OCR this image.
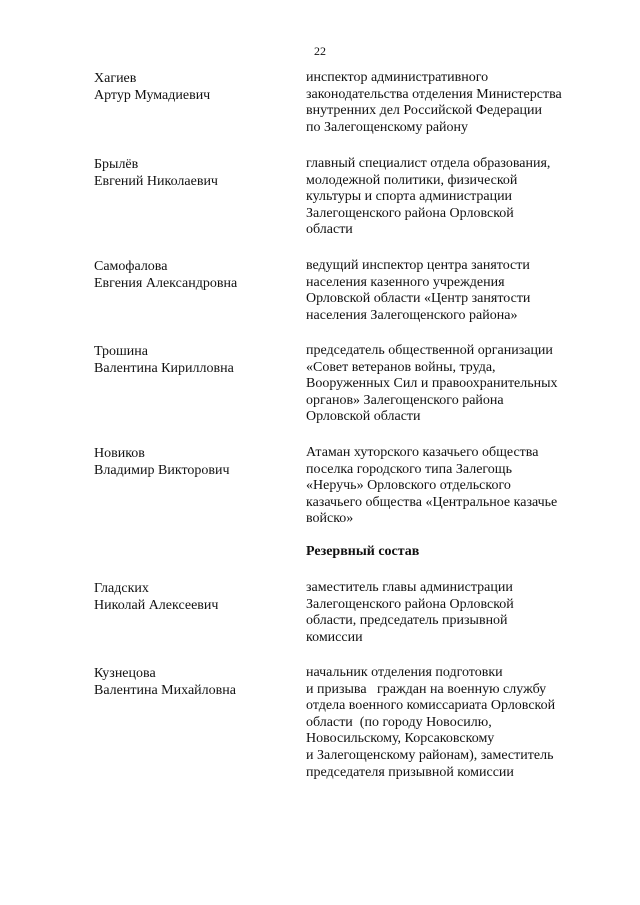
22
Хагиев
Артур Мумадиевич
инспектор административного
законодательства отделения Министерства
внутренних дел Российской Федерации
по Залегощенскому району
Брылёв
Евгений Николаевич
главный специалист отдела образования,
молодежной политики, физической
культуры и спорта администрации
Залегощенского района Орловской
области
Самофалова
Евгения Александровна
ведущий инспектор центра занятости
населения казенного учреждения
Орловской области «Центр занятости
населения Залегощенского района»
Трошина
Валентина Кирилловна
председатель общественной организации
«Совет ветеранов войны, труда,
Вооруженных Сил и правоохранительных
органов» Залегощенского района
Орловской области
Новиков
Владимир Викторович
Атаман хуторского казачьего общества
поселка городского типа Залегощь
«Неручь» Орловского отдельского
казачьего общества «Центральное казачье
войско»
Резервный состав
Гладских
Николай Алексеевич
заместитель главы администрации
Залегощенского района Орловской
области, председатель призывной
комиссии
Кузнецова
Валентина Михайловна
начальник отделения подготовки
и призыва   граждан на военную службу
отдела военного комиссариата Орловской
области  (по городу Новосилю,
Новосильскому, Корсаковскому
и Залегощенскому районам), заместитель
председателя призывной комиссии
